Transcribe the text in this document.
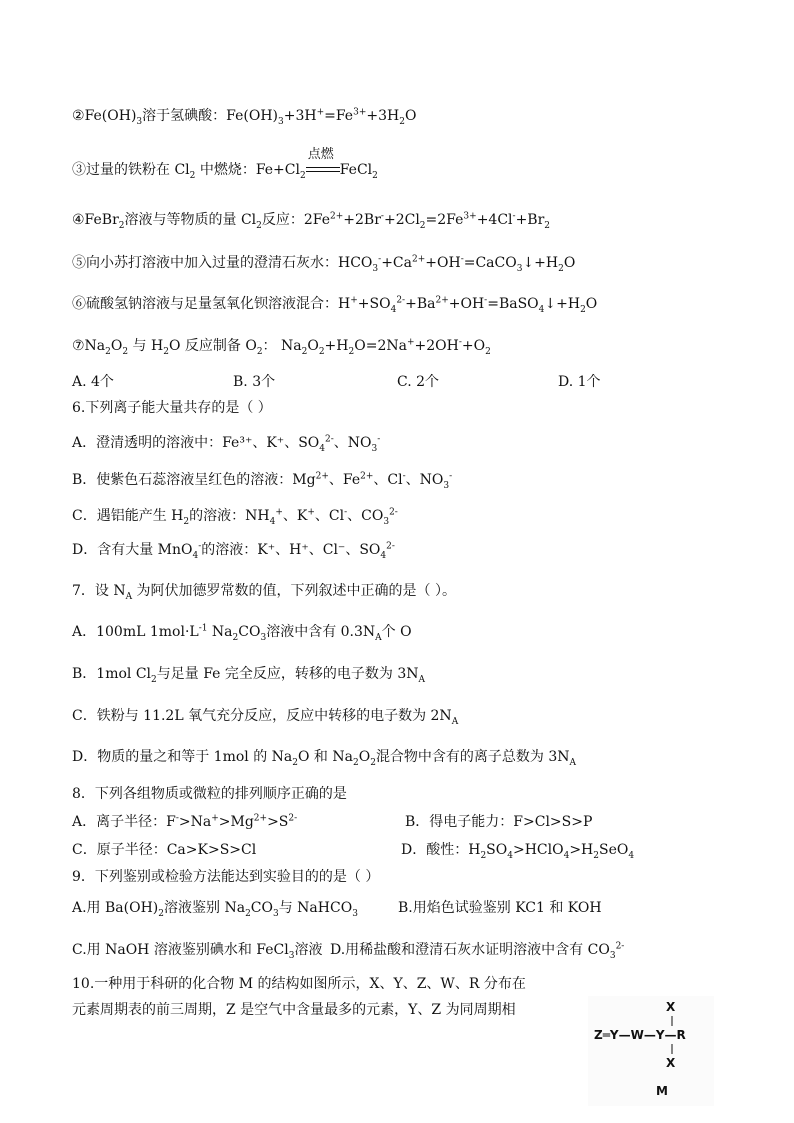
$②Fe(OH)_3$溶于氢碘酸：$Fe(OH)_3+3H^+=Fe^{3+}+3H_2O$
③过量的铁粉在 $Cl_2$ 中燃烧：$Fe+Cl_2$
点燃
FeCl$_2$
④FeBr$_2$溶液与等物质的量 $Cl_2$反应：$2Fe^{2+}+2Br^-+2Cl_2=2Fe^{3+}+4Cl^-+Br_2$
⑤向小苏打溶液中加入过量的澄清石灰水：$HCO_3^-+Ca^{2+}+OH^-=CaCO_3↓+H_2O$
⑥硫酸氢钠溶液与足量氢氧化钡溶液混合：$H^++SO_4^{2-}+Ba^{2+}+OH^-=BaSO_4↓+H_2O$
$⑦Na_2O_2$ 与 $H_2O$ 反应制备 $O_2$： $Na_2O_2+H_2O=2Na^++2OH^-+O_2$
A. 4个	B. 3个	C. 2个	D. 1个
6.下列离子能大量共存的是（ ）
A．澄清透明的溶液中：Fe³⁺、K⁺、$SO_4^{2-}$、$NO_3^-$
B．使紫色石蕊溶液呈红色的溶液：$Mg^{2+}$、$Fe^{2+}$、Cl-、$NO_3^-$
C．遇铝能产生 $H_2$的溶液：$NH_4^+$、K+、Cl-、$CO_3^{2-}$
D．含有大量 MnO$_4$-的溶液：K⁺、H⁺、Cl⁻、$SO_4^{2-}$
7．设 $N_A$ 为阿伏加德罗常数的值，下列叙述中正确的是（ ）。
A．100mL $1mol\cdot L^{-1}$ $Na_2CO_3$溶液中含有 $0.3N_A$个 O
B．1mol $Cl_2$与足量 Fe 完全反应，转移的电子数为 $3N_A$
C．铁粉与 11.2L 氧气充分反应，反应中转移的电子数为 $2N_A$
D．物质的量之和等于 1mol 的 $Na_2O$ 和 $Na_2O_2$混合物中含有的离子总数为 $3N_A$
8．下列各组物质或微粒的排列顺序正确的是
A．离子半径：$F^->Na^+>Mg^{2+}>S^{2-}$	B．得电子能力：F>Cl>S>P
C．原子半径：Ca>K>S>Cl	D．酸性：$H_2SO_4>HClO_4>H_2SeO_4$
9．下列鉴别或检验方法能达到实验目的的是（ ）
A.用 $Ba(OH)_2$溶液鉴别 $Na_2CO_3$与 NaHCO$_3$	B.用焰色试验鉴别 KC1 和 KOH
C.用 NaOH 溶液鉴别碘水和 FeCl$_3$溶液 D.用稀盐酸和澄清石灰水证明溶液中含有 $CO_3^{2-}$
10.一种用于科研的化合物 M 的结构如图所示，X、Y、Z、W、R 分布在
元素周期表的前三周期，Z 是空气中含量最多的元素，Y、Z 为同周期相	X
Z═Y—W—Y—R
X
M
